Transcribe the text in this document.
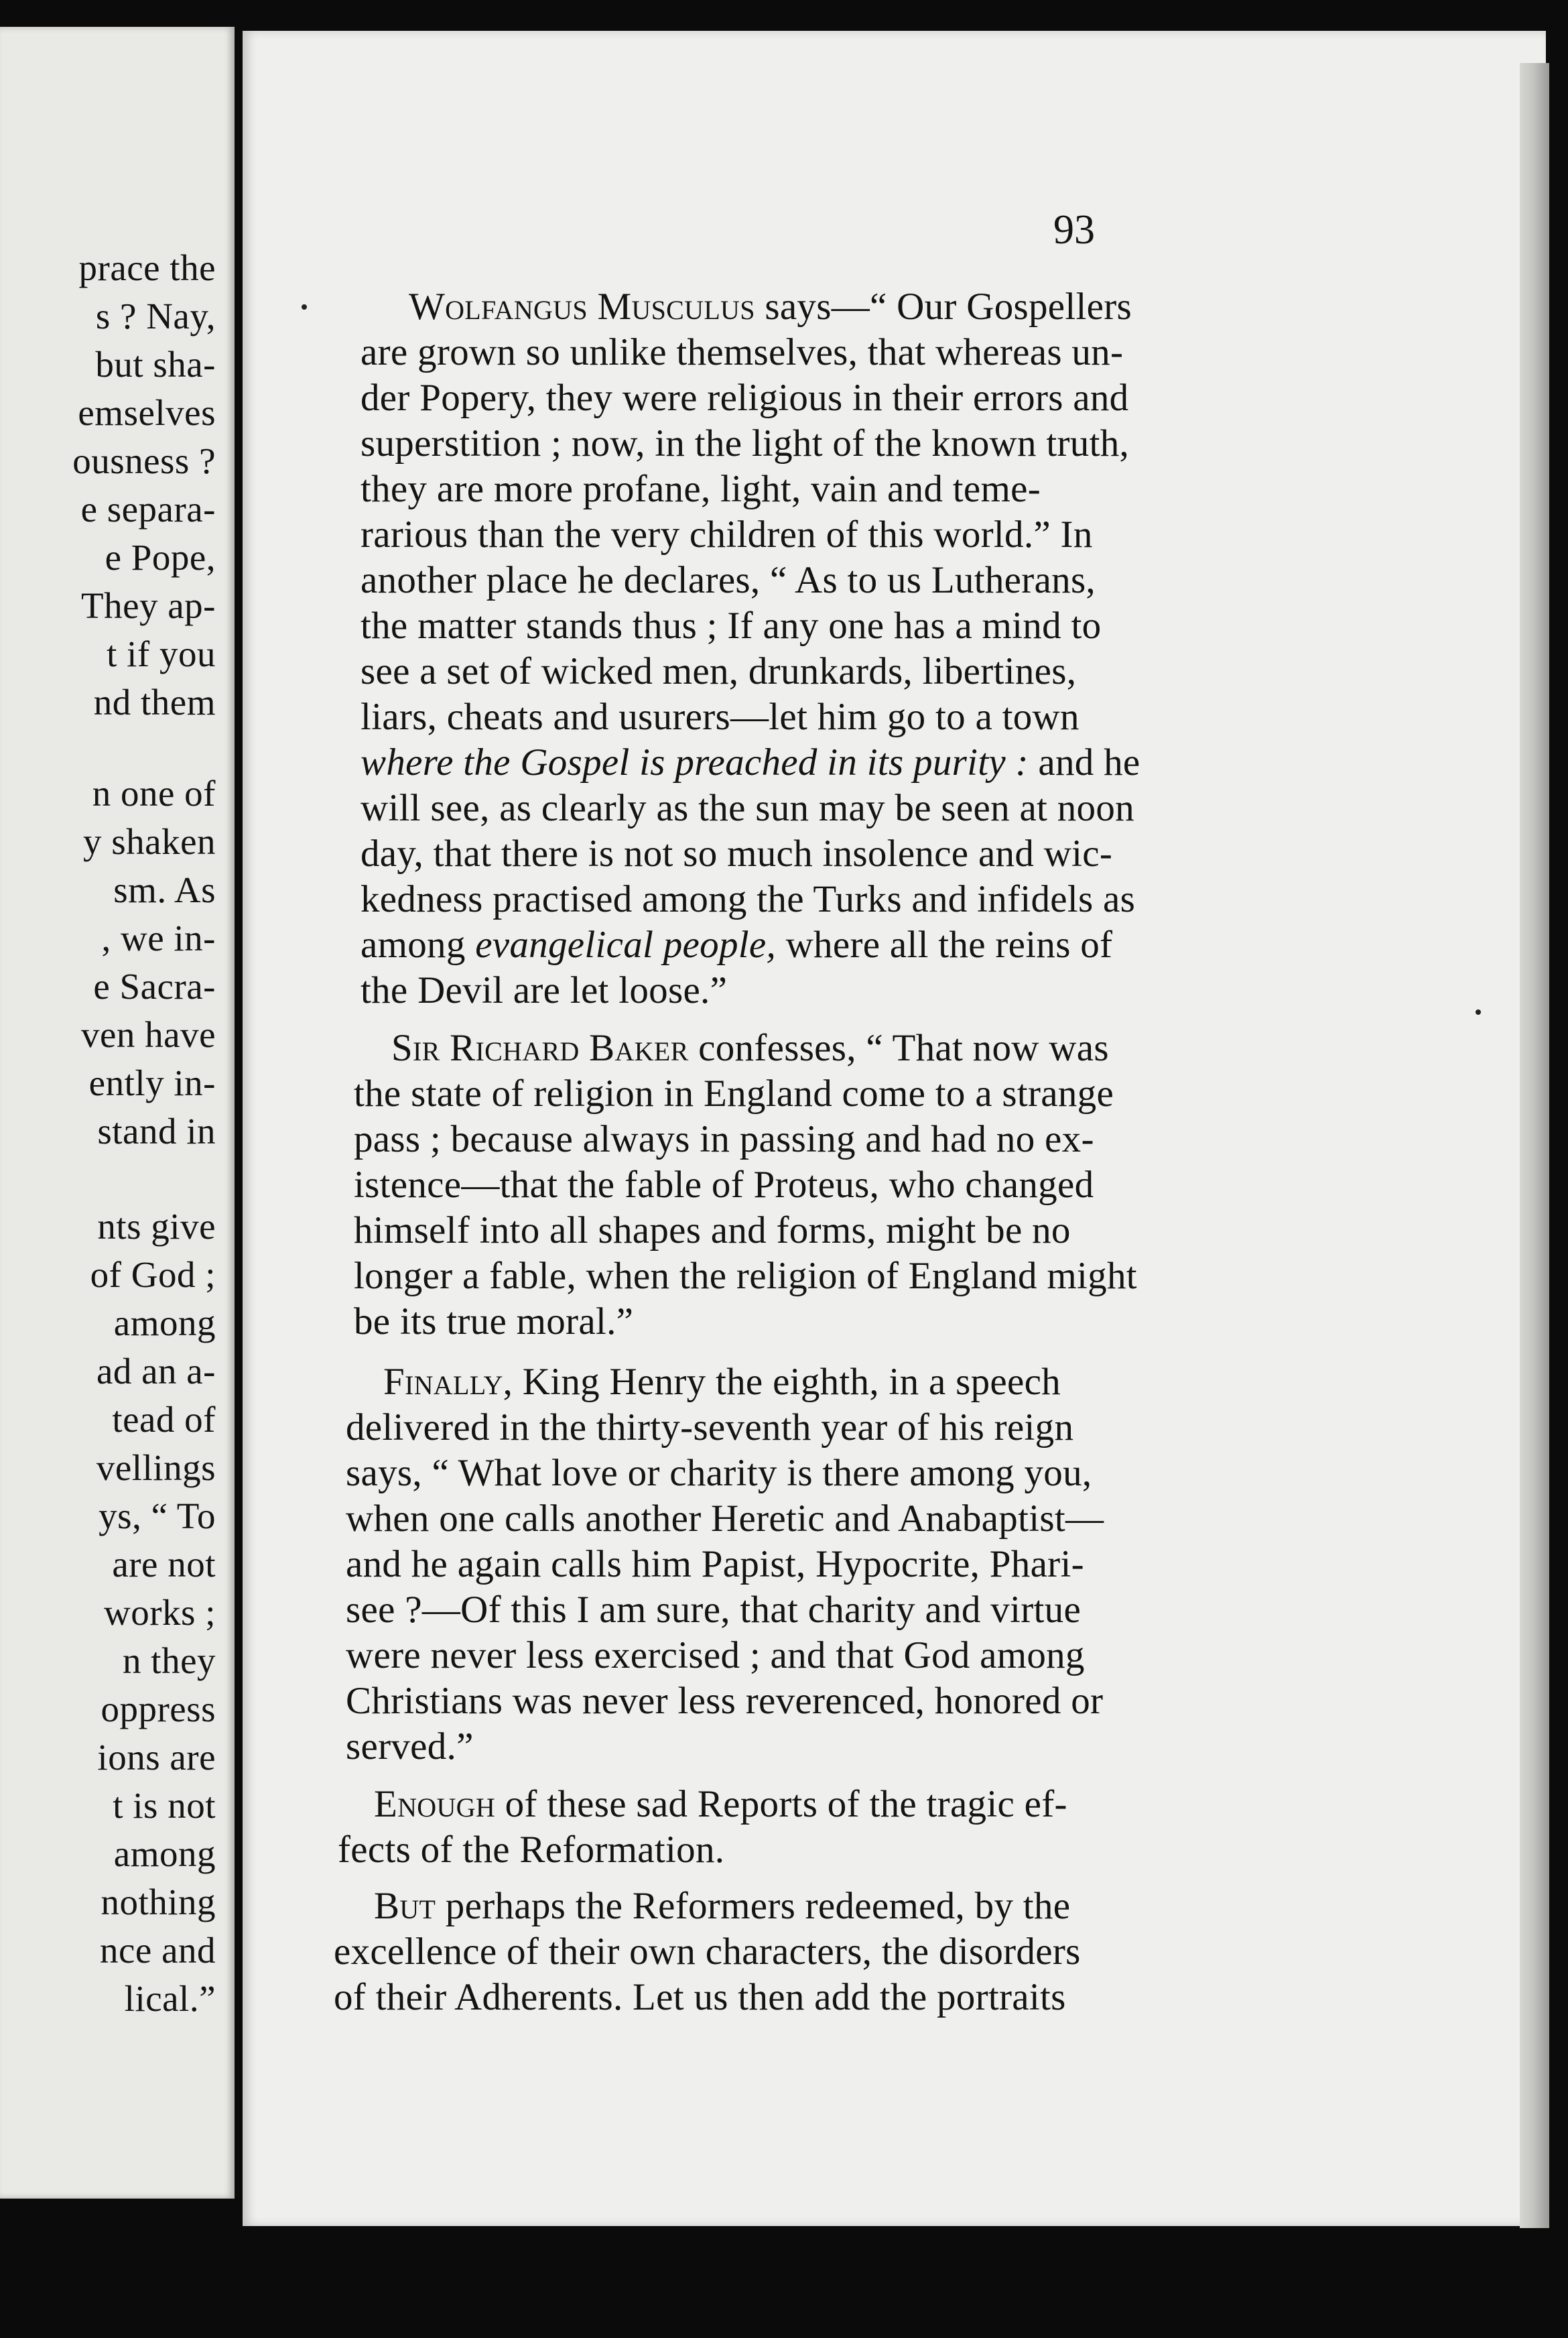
prace the
s ? Nay,
but sha-
emselves
ousness ?
e separa-
e Pope,
They ap-
t if you
nd them
n one of
y shaken
sm. As
, we in-
e Sacra-
ven have
ently in-
stand in
nts give
of God ;
among
ad an a-
tead of
vellings
ys, “ To
are not
works ;
n they
oppress
ions are
t is not
among
nothing
nce and
lical.”
93
Wolfangus Musculus says—“ Our Gospellers
are grown so unlike themselves, that whereas un-
der Popery, they were religious in their errors and
superstition ; now, in the light of the known truth,
they are more profane, light, vain and teme-
rarious than the very children of this world.” In
another place he declares, “ As to us Lutherans,
the matter stands thus ; If any one has a mind to
see a set of wicked men, drunkards, libertines,
liars, cheats and usurers—let him go to a town
where the Gospel is preached in its purity : and he
will see, as clearly as the sun may be seen at noon
day, that there is not so much insolence and wic-
kedness practised among the Turks and infidels as
among evangelical people, where all the reins of
the Devil are let loose.”
Sir Richard Baker confesses, “ That now was
the state of religion in England come to a strange
pass ; because always in passing and had no ex-
istence—that the fable of Proteus, who changed
himself into all shapes and forms, might be no
longer a fable, when the religion of England might
be its true moral.”
Finally, King Henry the eighth, in a speech
delivered in the thirty-seventh year of his reign
says, “ What love or charity is there among you,
when one calls another Heretic and Anabaptist—
and he again calls him Papist, Hypocrite, Phari-
see ?—Of this I am sure, that charity and virtue
were never less exercised ; and that God among
Christians was never less reverenced, honored or
served.”
Enough of these sad Reports of the tragic ef-
fects of the Reformation.
But perhaps the Reformers redeemed, by the
excellence of their own characters, the disorders
of their Adherents. Let us then add the portraits
